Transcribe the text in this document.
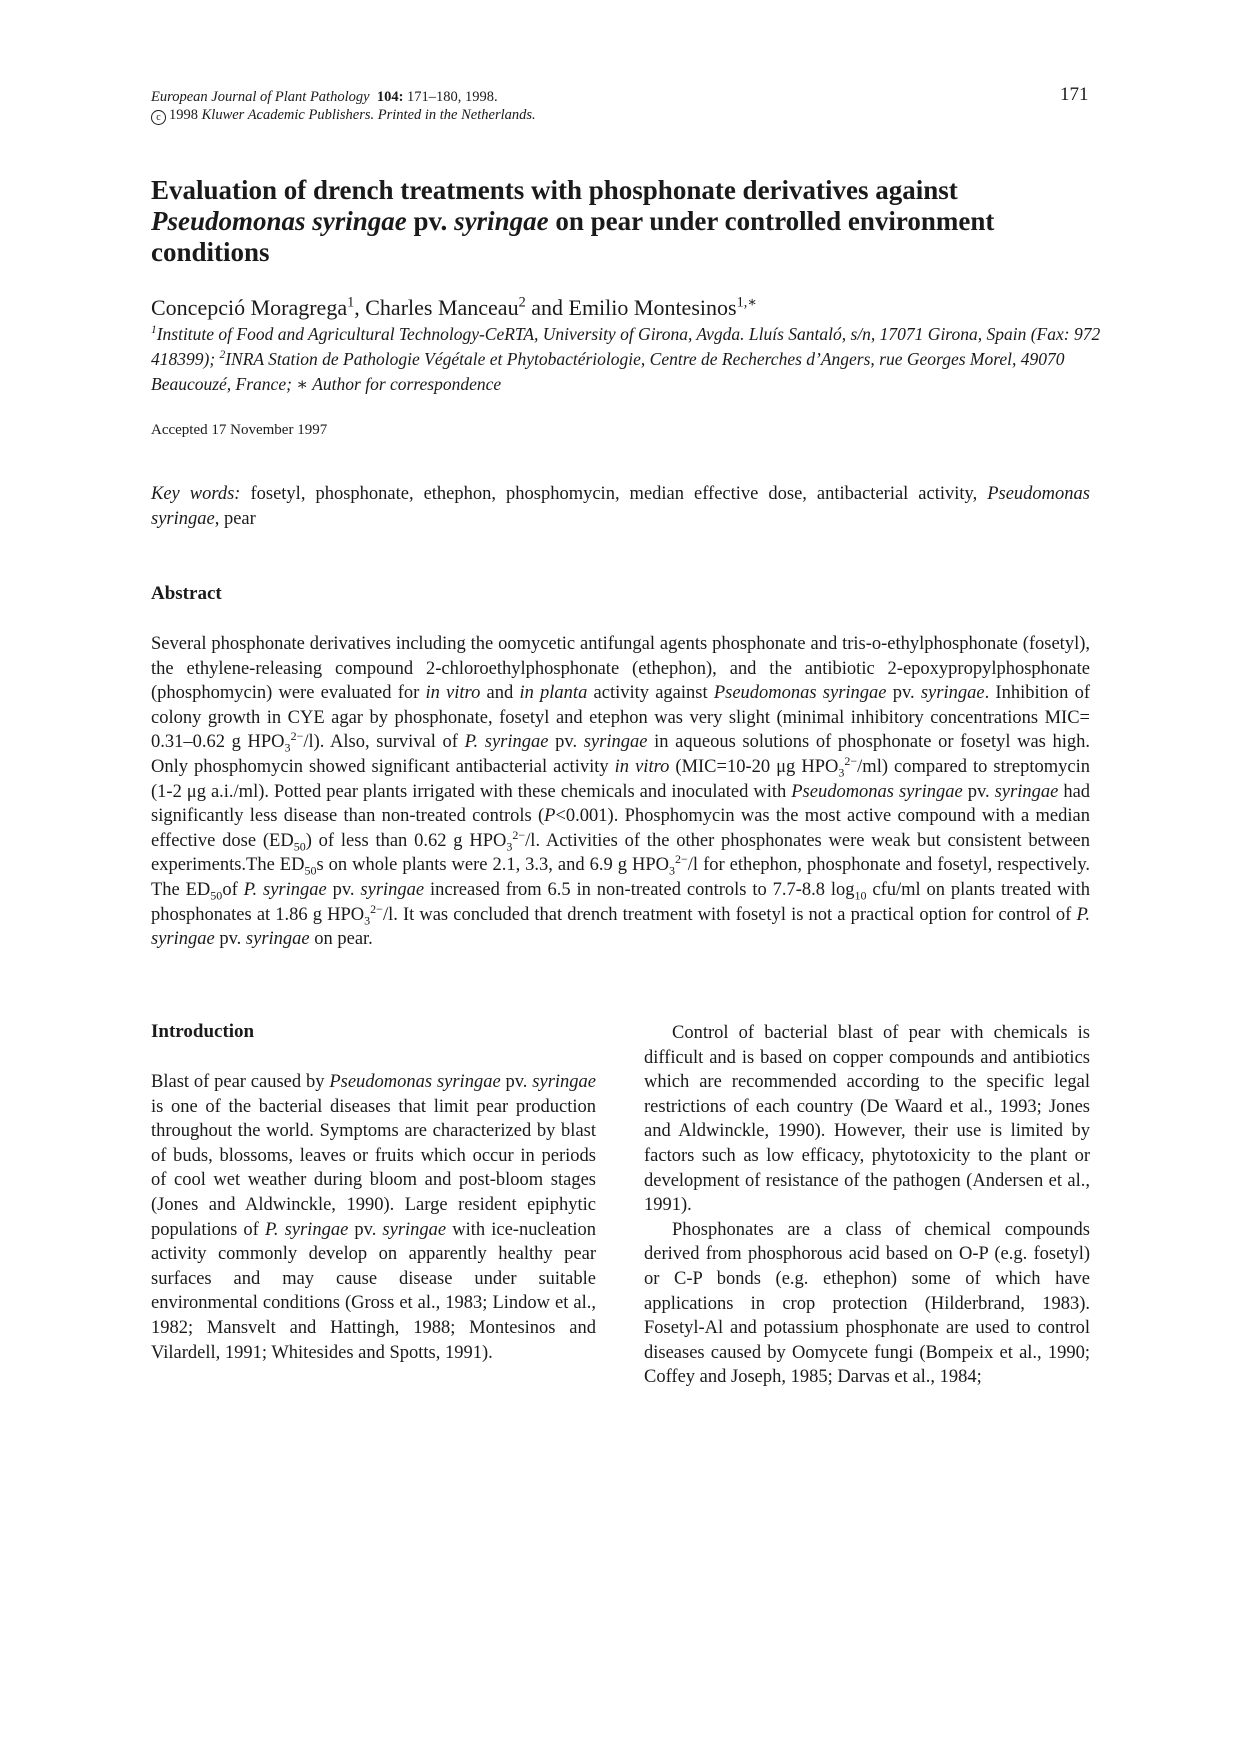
European Journal of Plant Pathology 104: 171–180, 1998.
c 1998 Kluwer Academic Publishers. Printed in the Netherlands.
171
Evaluation of drench treatments with phosphonate derivatives against
Pseudomonas syringae pv. syringae on pear under controlled environment conditions
Concepció Moragrega$^1$, Charles Manceau$^2$ and Emilio Montesinos$^{1,∗}$
$^1$Institute of Food and Agricultural Technology-CeRTA, University of Girona, Avgda. Lluís Santaló, s/n, 17071 Girona, Spain (Fax: 972 418399); $^2$INRA Station de Pathologie Végétale et Phytobactériologie, Centre de Recherches d’Angers, rue Georges Morel, 49070 Beaucouzé, France; ∗ Author for correspondence
Accepted 17 November 1997
Key words: fosetyl, phosphonate, ethephon, phosphomycin, median effective dose, antibacterial activity, Pseudomonas syringae, pear
Abstract
Several phosphonate derivatives including the oomycetic antifungal agents phosphonate and tris-o-ethylphosphonate (fosetyl), the ethylene-releasing compound 2-chloroethylphosphonate (ethephon), and the antibiotic 2-epoxypropylphosphonate (phosphomycin) were evaluated for in vitro and in planta activity against Pseudomonas syringae pv. syringae. Inhibition of colony growth in CYE agar by phosphonate, fosetyl and etephon was very slight (minimal inhibitory concentrations MIC= 0.31–0.62 g $HPO_3^{2-}/l$). Also, survival of P. syringae pv. syringae in aqueous solutions of phosphonate or fosetyl was high. Only phosphomycin showed significant antibacterial activity in vitro (MIC=10-20 μg $HPO_3^{2-}/ml$) compared to streptomycin (1-2 μg a.i./ml). Potted pear plants irrigated with these chemicals and inoculated with Pseudomonas syringae pv. syringae had significantly less disease than non-treated controls (P<0.001). Phosphomycin was the most active compound with a median effective dose $(ED_{50})$ of less than 0.62 g $HPO_3^{2-}/l$. Activities of the other phosphonates were weak but consistent between experiments.The $ED_{50}s$ on whole plants were 2.1, 3.3, and 6.9 g $HPO_3^{2-}/l$ for ethephon, phosphonate and fosetyl, respectively. The $ED_{50}of$ P. syringae pv. syringae increased from 6.5 in non-treated controls to 7.7-8.8 $\log_{10} cfu/ml$ on plants treated with phosphonates at 1.86 g $HPO_3^{2-}/l$. It was concluded that drench treatment with fosetyl is not a practical option for control of P. syringae pv. syringae on pear.
Introduction

Blast of pear caused by Pseudomonas syringae pv. syringae is one of the bacterial diseases that limit pear production throughout the world. Symptoms are characterized by blast of buds, blossoms, leaves or fruits which occur in periods of cool wet weather during bloom and post-bloom stages (Jones and Aldwinckle, 1990). Large resident epiphytic populations of P. syringae pv. syringae with ice-nucleation activity commonly develop on apparently healthy pear surfaces and may cause disease under suitable environmental conditions (Gross et al., 1983; Lindow et al., 1982; Mansvelt and Hattingh, 1988; Montesinos and Vilardell, 1991; Whitesides and Spotts, 1991).

Control of bacterial blast of pear with chemicals is difficult and is based on copper compounds and antibiotics which are recommended according to the specific legal restrictions of each country (De Waard et al., 1993; Jones and Aldwinckle, 1990). However, their use is limited by factors such as low efficacy, phytotoxicity to the plant or development of resistance of the pathogen (Andersen et al., 1991).

Phosphonates are a class of chemical compounds derived from phosphorous acid based on O-P (e.g. fosetyl) or C-P bonds (e.g. ethephon) some of which have applications in crop protection (Hilderbrand, 1983). Fosetyl-Al and potassium phosphonate are used to control diseases caused by Oomycete fungi (Bompeix et al., 1990; Coffey and Joseph, 1985; Darvas et al., 1984;
